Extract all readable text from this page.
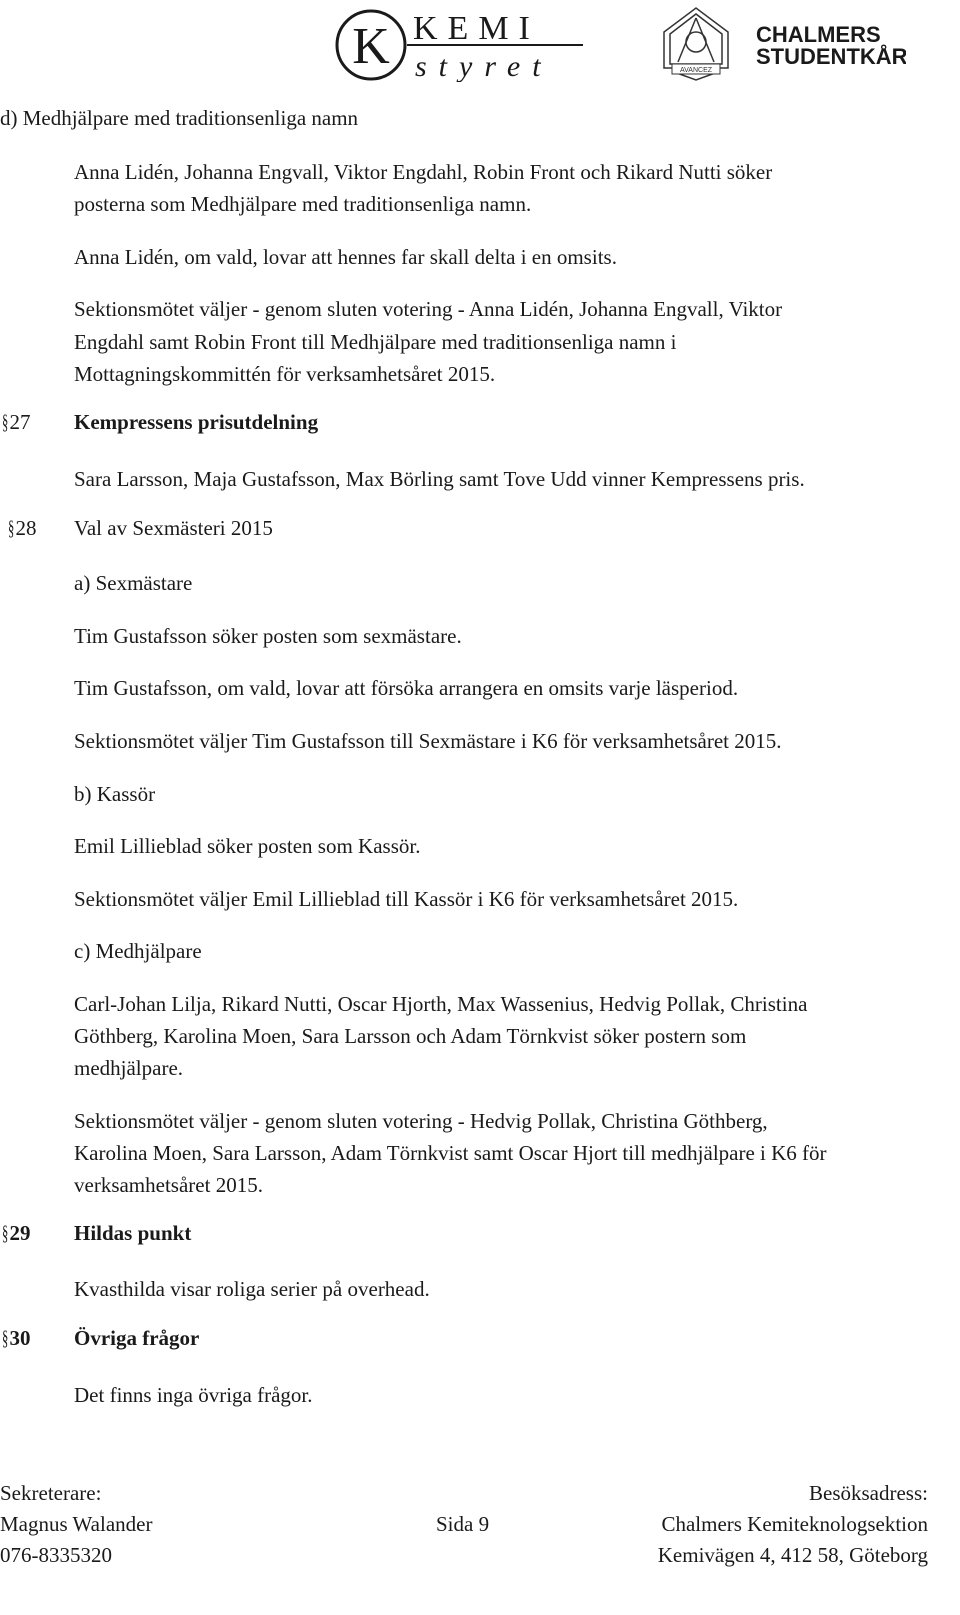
K KEMI
styret	AVANCEZ
CHALMERS
STUDENTKÅR
d) Medhjälpare med traditionsenliga namn
Anna Lidén, Johanna Engvall, Viktor Engdahl, Robin Front och Rikard Nutti söker
posterna som Medhjälpare med traditionsenliga namn.
Anna Lidén, om vald, lovar att hennes far skall delta i en omsits.
Sektionsmötet väljer - genom sluten votering - Anna Lidén, Johanna Engvall, Viktor
Engdahl samt Robin Front till Medhjälpare med traditionsenliga namn i
Mottagningskommittén för verksamhetsåret 2015.
§27 Kempressens prisutdelning
Sara Larsson, Maja Gustafsson, Max Börling samt Tove Udd vinner Kempressens pris.
§28 Val av Sexmästeri 2015
a) Sexmästare
Tim Gustafsson söker posten som sexmästare.
Tim Gustafsson, om vald, lovar att försöka arrangera en omsits varje läsperiod.
Sektionsmötet väljer Tim Gustafsson till Sexmästare i K6 för verksamhetsåret 2015.
b) Kassör
Emil Lillieblad söker posten som Kassör.
Sektionsmötet väljer Emil Lillieblad till Kassör i K6 för verksamhetsåret 2015.
c) Medhjälpare
Carl-Johan Lilja, Rikard Nutti, Oscar Hjorth, Max Wassenius, Hedvig Pollak, Christina
Göthberg, Karolina Moen, Sara Larsson och Adam Törnkvist söker postern som
medhjälpare.
Sektionsmötet väljer - genom sluten votering - Hedvig Pollak, Christina Göthberg,
Karolina Moen, Sara Larsson, Adam Törnkvist samt Oscar Hjort till medhjälpare i K6 för
verksamhetsåret 2015.
§29 Hildas punkt
Kvasthilda visar roliga serier på overhead.
§30 Övriga frågor
Det finns inga övriga frågor.
Sekreterare:
Magnus Walander
076-8335320
Sida 9
Besöksadress:
Chalmers Kemiteknologsektion
Kemivägen 4, 412 58, Göteborg
